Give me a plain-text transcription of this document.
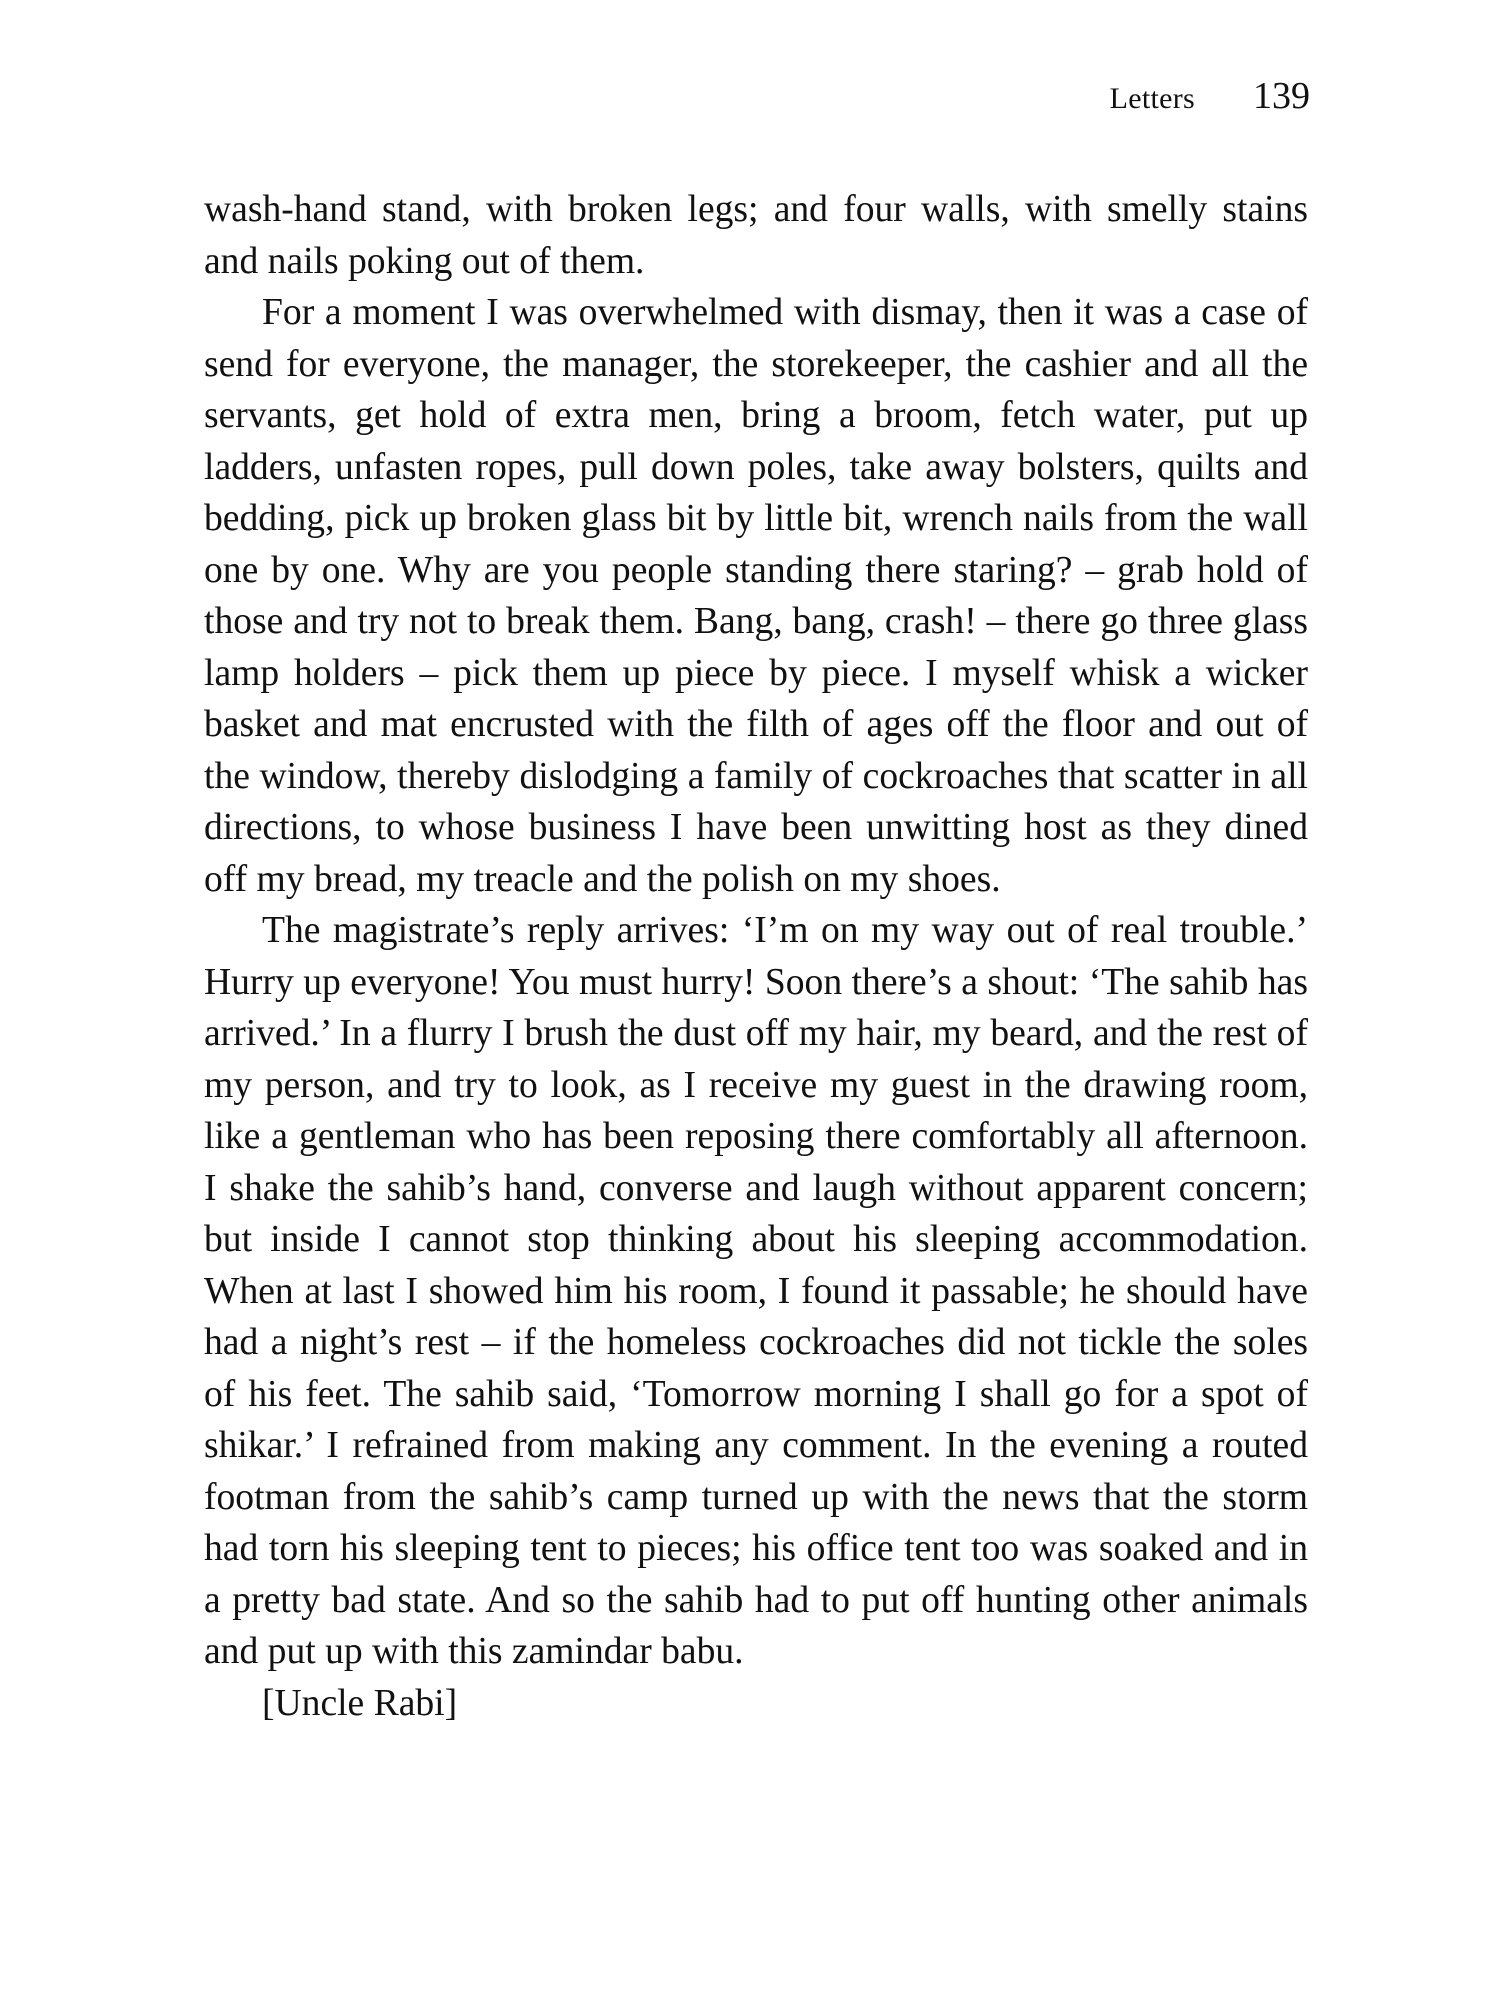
Letters 139

wash-hand stand, with broken legs; and four walls, with smelly stains and nails poking out of them.

For a moment I was overwhelmed with dismay, then it was a case of send for everyone, the manager, the storekeeper, the cashier and all the servants, get hold of extra men, bring a broom, fetch water, put up ladders, unfasten ropes, pull down poles, take away bolsters, quilts and bedding, pick up broken glass bit by little bit, wrench nails from the wall one by one. Why are you people standing there staring? – grab hold of those and try not to break them. Bang, bang, crash! – there go three glass lamp holders – pick them up piece by piece. I myself whisk a wicker basket and mat encrusted with the filth of ages off the floor and out of the window, thereby dislodging a family of cockroaches that scatter in all directions, to whose business I have been unwitting host as they dined off my bread, my treacle and the polish on my shoes.

The magistrate’s reply arrives: ‘I’m on my way out of real trouble.’ Hurry up everyone! You must hurry! Soon there’s a shout: ‘The sahib has arrived.’ In a flurry I brush the dust off my hair, my beard, and the rest of my person, and try to look, as I receive my guest in the drawing room, like a gentleman who has been reposing there comfortably all afternoon. I shake the sahib’s hand, converse and laugh without apparent concern; but inside I cannot stop thinking about his sleeping accommodation. When at last I showed him his room, I found it passable; he should have had a night’s rest – if the homeless cockroaches did not tickle the soles of his feet. The sahib said, ‘Tomorrow morning I shall go for a spot of shikar.’ I refrained from making any comment. In the evening a routed footman from the sahib’s camp turned up with the news that the storm had torn his sleeping tent to pieces; his office tent too was soaked and in a pretty bad state. And so the sahib had to put off hunting other animals and put up with this zamindar babu.

[Uncle Rabi]
